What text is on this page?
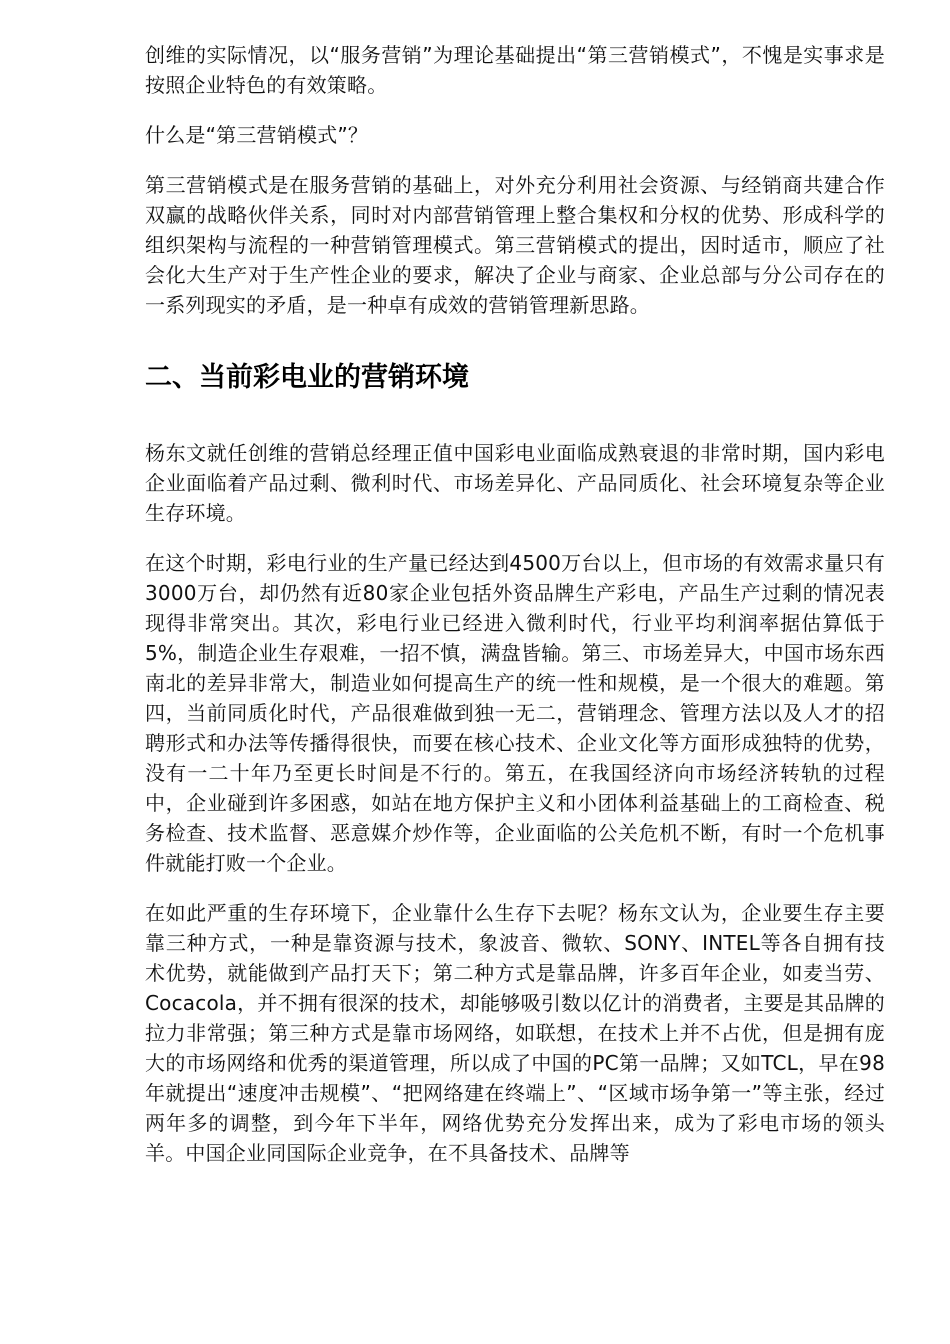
创维的实际情况，以“服务营销”为理论基础提出“第三营销模式”，不愧是实事求是按照企业特色的有效策略。

什么是“第三营销模式”？

第三营销模式是在服务营销的基础上，对外充分利用社会资源、与经销商共建合作双赢的战略伙伴关系，同时对内部营销管理上整合集权和分权的优势、形成科学的组织架构与流程的一种营销管理模式。第三营销模式的提出，因时适市，顺应了社会化大生产对于生产性企业的要求，解决了企业与商家、企业总部与分公司存在的一系列现实的矛盾，是一种卓有成效的营销管理新思路。

二、当前彩电业的营销环境

杨东文就任创维的营销总经理正值中国彩电业面临成熟衰退的非常时期，国内彩电企业面临着产品过剩、微利时代、市场差异化、产品同质化、社会环境复杂等企业生存环境。

在这个时期，彩电行业的生产量已经达到4500万台以上，但市场的有效需求量只有3000万台，却仍然有近80家企业包括外资品牌生产彩电，产品生产过剩的情况表现得非常突出。其次，彩电行业已经进入微利时代，行业平均利润率据估算低于5%，制造企业生存艰难，一招不慎，满盘皆输。第三、市场差异大，中国市场东西南北的差异非常大，制造业如何提高生产的统一性和规模，是一个很大的难题。第四，当前同质化时代，产品很难做到独一无二，营销理念、管理方法以及人才的招聘形式和办法等传播得很快，而要在核心技术、企业文化等方面形成独特的优势，没有一二十年乃至更长时间是不行的。第五，在我国经济向市场经济转轨的过程中，企业碰到许多困惑，如站在地方保护主义和小团体利益基础上的工商检查、税务检查、技术监督、恶意媒介炒作等，企业面临的公关危机不断，有时一个危机事件就能打败一个企业。

在如此严重的生存环境下，企业靠什么生存下去呢？杨东文认为，企业要生存主要靠三种方式，一种是靠资源与技术，象波音、微软、SONY、INTEL等各自拥有技术优势，就能做到产品打天下；第二种方式是靠品牌，许多百年企业，如麦当劳、Cocacola，并不拥有很深的技术，却能够吸引数以亿计的消费者，主要是其品牌的拉力非常强；第三种方式是靠市场网络，如联想，在技术上并不占优，但是拥有庞大的市场网络和优秀的渠道管理，所以成了中国的PC第一品牌；又如TCL，早在98年就提出“速度冲击规模”、“把网络建在终端上”、“区域市场争第一”等主张，经过两年多的调整，到今年下半年，网络优势充分发挥出来，成为了彩电市场的领头羊。中国企业同国际企业竞争，在不具备技术、品牌等
